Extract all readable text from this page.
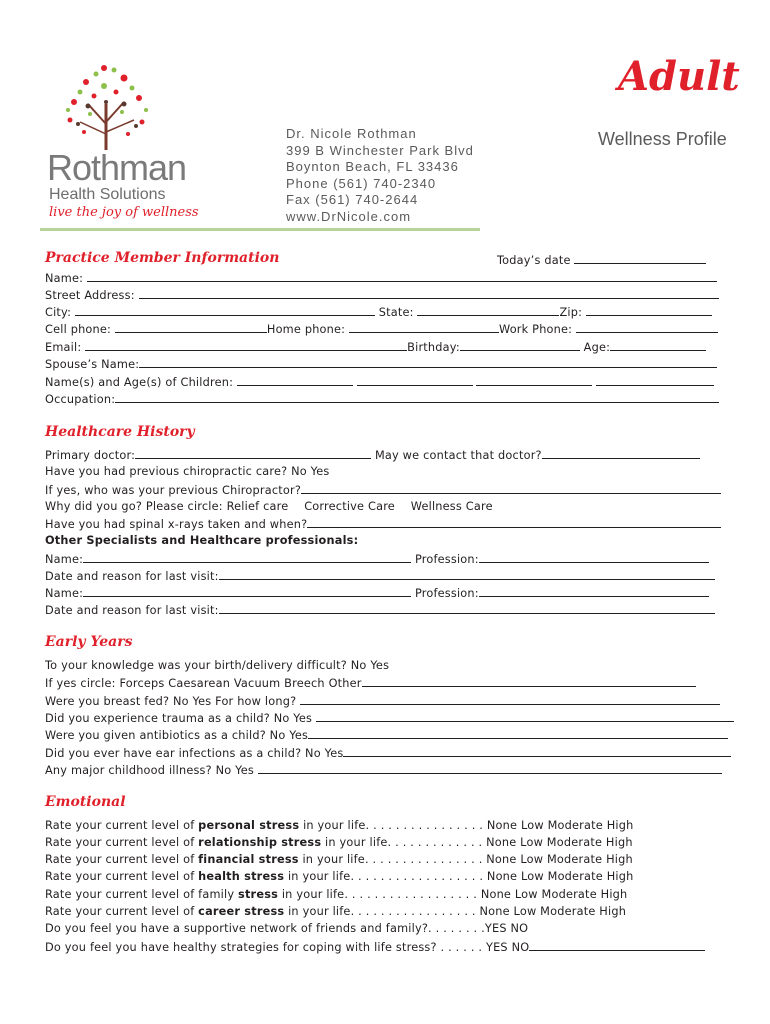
Rothman
Health Solutions
live the joy of wellness
Dr. Nicole Rothman
399 B Winchester Park Blvd
Boynton Beach, FL 33436
Phone (561) 740-2340
Fax (561) 740-2644
www.DrNicole.com
Adult
Wellness Profile
Practice Member Information	Today’s date
Name:
Street Address:
City:	State:	Zip:
Cell phone:	Home phone:	Work Phone:
Email:	Birthday:	Age:
Spouse’s Name:
Name(s) and Age(s) of Children:
Occupation:
Healthcare History
Primary doctor:	May we contact that doctor?
Have you had previous chiropractic care? No Yes
If yes, who was your previous Chiropractor?
Why did you go? Please circle: Relief care Corrective Care Wellness Care
Have you had spinal x-rays taken and when?
Other Specialists and Healthcare professionals:
Name:	Profession:
Date and reason for last visit:
Name:	Profession:
Date and reason for last visit:
Early Years
To your knowledge was your birth/delivery difficult? No Yes
If yes circle: Forceps Caesarean Vacuum Breech Other
Were you breast fed? No Yes For how long?
Did you experience trauma as a child? No Yes
Were you given antibiotics as a child? No Yes
Did you ever have ear infections as a child? No Yes
Any major childhood illness? No Yes
Emotional
Rate your current level of personal stress in your life. . . . . . . . . . . . . . . . None Low Moderate High
Rate your current level of relationship stress in your life. . . . . . . . . . . . . None Low Moderate High
Rate your current level of financial stress in your life. . . . . . . . . . . . . . . . None Low Moderate High
Rate your current level of health stress in your life. . . . . . . . . . . . . . . . . . None Low Moderate High
Rate your current level of family stress in your life. . . . . . . . . . . . . . . . . . None Low Moderate High
Rate your current level of career stress in your life. . . . . . . . . . . . . . . . . None Low Moderate High
Do you feel you have a supportive network of friends and family?. . . . . . . .YES NO
Do you feel you have healthy strategies for coping with life stress? . . . . . . YES NO
